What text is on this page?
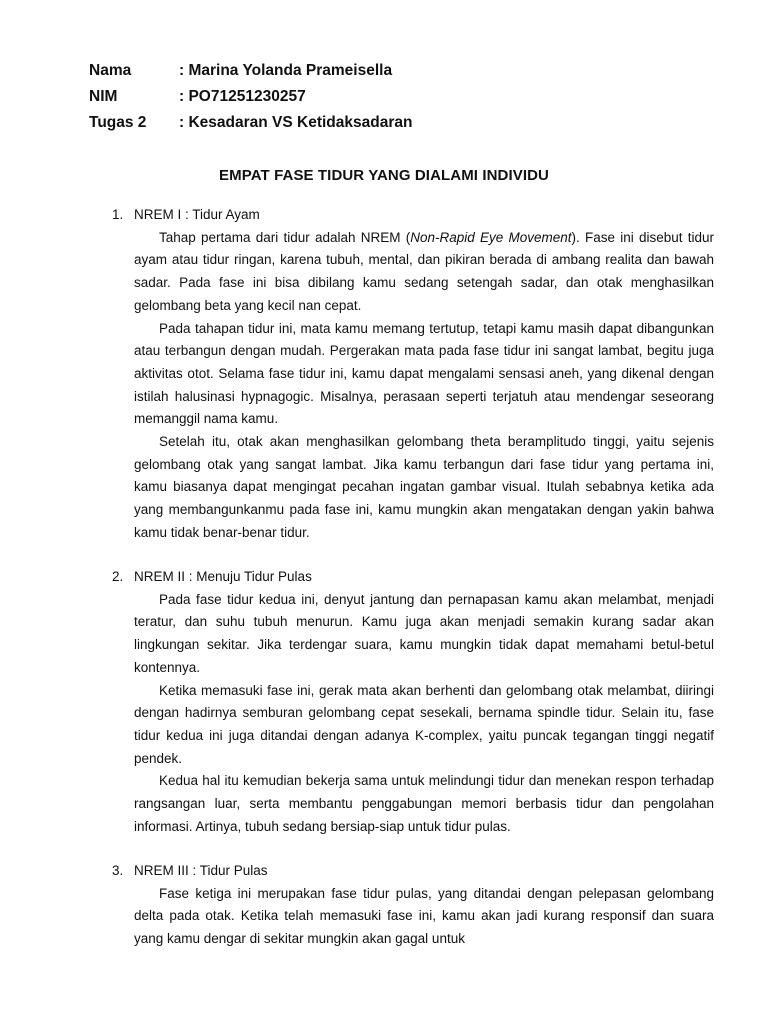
Nama	: Marina Yolanda Prameisella
NIM	: PO71251230257
Tugas 2	: Kesadaran VS Ketidaksadaran
EMPAT FASE TIDUR YANG DIALAMI INDIVIDU
1. NREM I : Tidur Ayam

Tahap pertama dari tidur adalah NREM (Non-Rapid Eye Movement). Fase ini disebut tidur ayam atau tidur ringan, karena tubuh, mental, dan pikiran berada di ambang realita dan bawah sadar. Pada fase ini bisa dibilang kamu sedang setengah sadar, dan otak menghasilkan gelombang beta yang kecil nan cepat.

Pada tahapan tidur ini, mata kamu memang tertutup, tetapi kamu masih dapat dibangunkan atau terbangun dengan mudah. Pergerakan mata pada fase tidur ini sangat lambat, begitu juga aktivitas otot. Selama fase tidur ini, kamu dapat mengalami sensasi aneh, yang dikenal dengan istilah halusinasi hypnagogic. Misalnya, perasaan seperti terjatuh atau mendengar seseorang memanggil nama kamu.

Setelah itu, otak akan menghasilkan gelombang theta beramplitudo tinggi, yaitu sejenis gelombang otak yang sangat lambat. Jika kamu terbangun dari fase tidur yang pertama ini, kamu biasanya dapat mengingat pecahan ingatan gambar visual. Itulah sebabnya ketika ada yang membangunkanmu pada fase ini, kamu mungkin akan mengatakan dengan yakin bahwa kamu tidak benar-benar tidur.

2. NREM II : Menuju Tidur Pulas

Pada fase tidur kedua ini, denyut jantung dan pernapasan kamu akan melambat, menjadi teratur, dan suhu tubuh menurun. Kamu juga akan menjadi semakin kurang sadar akan lingkungan sekitar. Jika terdengar suara, kamu mungkin tidak dapat memahami betul-betul kontennya.

Ketika memasuki fase ini, gerak mata akan berhenti dan gelombang otak melambat, diiringi dengan hadirnya semburan gelombang cepat sesekali, bernama spindle tidur. Selain itu, fase tidur kedua ini juga ditandai dengan adanya K-complex, yaitu puncak tegangan tinggi negatif pendek.

Kedua hal itu kemudian bekerja sama untuk melindungi tidur dan menekan respon terhadap rangsangan luar, serta membantu penggabungan memori berbasis tidur dan pengolahan informasi. Artinya, tubuh sedang bersiap-siap untuk tidur pulas.

3. NREM III : Tidur Pulas

Fase ketiga ini merupakan fase tidur pulas, yang ditandai dengan pelepasan gelombang delta pada otak. Ketika telah memasuki fase ini, kamu akan jadi kurang responsif dan suara yang kamu dengar di sekitar mungkin akan gagal untuk
